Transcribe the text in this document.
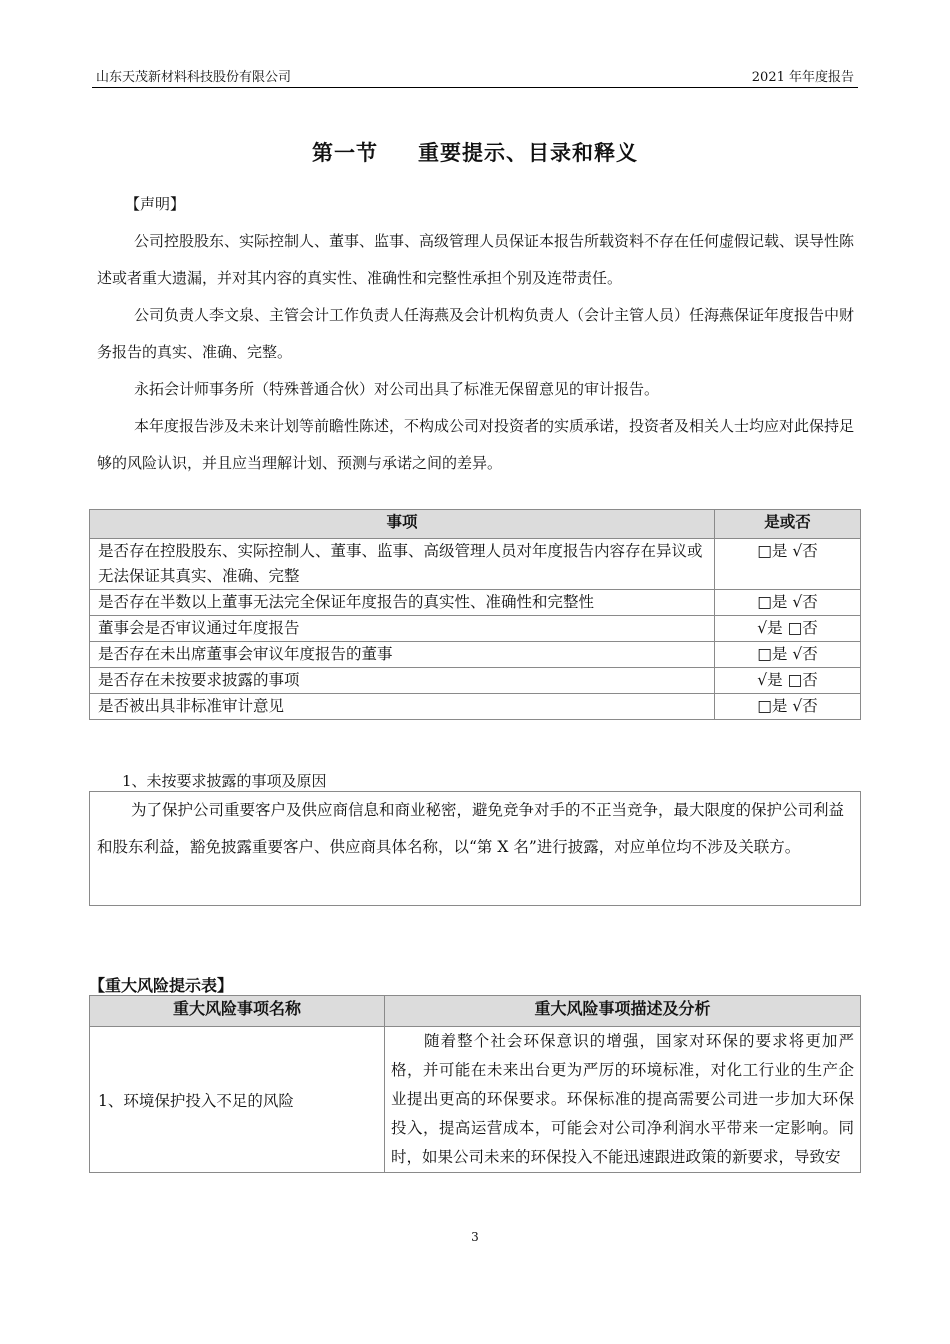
山东天茂新材料科技股份有限公司	2021 年年度报告
第一节 重要提示、目录和释义
【声明】
公司控股股东、实际控制人、董事、监事、高级管理人员保证本报告所载资料不存在任何虚假记载、误导性陈述或者重大遗漏，并对其内容的真实性、准确性和完整性承担个别及连带责任。
公司负责人李文泉、主管会计工作负责人任海燕及会计机构负责人（会计主管人员）任海燕保证年度报告中财务报告的真实、准确、完整。
永拓会计师事务所（特殊普通合伙）对公司出具了标准无保留意见的审计报告。
本年度报告涉及未来计划等前瞻性陈述，不构成公司对投资者的实质承诺，投资者及相关人士均应对此保持足够的风险认识，并且应当理解计划、预测与承诺之间的差异。
事项	是或否
是否存在控股股东、实际控制人、董事、监事、高级管理人员对年度报告内容存在异议或无法保证其真实、准确、完整	□是 √否
是否存在半数以上董事无法完全保证年度报告的真实性、准确性和完整性	□是 √否
董事会是否审议通过年度报告	√是 □否
是否存在未出席董事会审议年度报告的董事	□是 √否
是否存在未按要求披露的事项	√是 □否
是否被出具非标准审计意见	□是 √否
1、未按要求披露的事项及原因
为了保护公司重要客户及供应商信息和商业秘密，避免竞争对手的不正当竞争，最大限度的保护公司利益和股东利益，豁免披露重要客户、供应商具体名称，以“第 X 名”进行披露，对应单位均不涉及关联方。
【重大风险提示表】
重大风险事项名称	重大风险事项描述及分析
1、环境保护投入不足的风险	随着整个社会环保意识的增强，国家对环保的要求将更加严格，并可能在未来出台更为严厉的环境标准，对化工行业的生产企业提出更高的环保要求。环保标准的提高需要公司进一步加大环保投入，提高运营成本，可能会对公司净利润水平带来一定影响。同时，如果公司未来的环保投入不能迅速跟进政策的新要求，导致安
3
